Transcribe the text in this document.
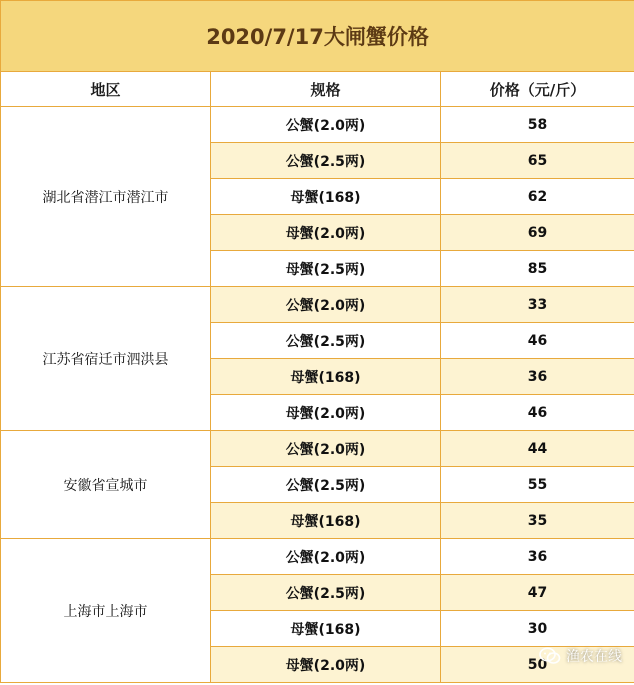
2020/7/17大闸蟹价格		
地区	规格	价格（元/斤）
湖北省潜江市潜江市	公蟹(2.0两)	58
	公蟹(2.5两)	65
	母蟹(168)	62
	母蟹(2.0两)	69
	母蟹(2.5两)	85
江苏省宿迁市泗洪县	公蟹(2.0两)	33
	公蟹(2.5两)	46
	母蟹(168)	36
	母蟹(2.0两)	46
安徽省宣城市	公蟹(2.0两)	44
	公蟹(2.5两)	55
	母蟹(168)	35
上海市上海市	公蟹(2.0两)	36
	公蟹(2.5两)	47
	母蟹(168)	30
	母蟹(2.0两)	50 渔农在线
